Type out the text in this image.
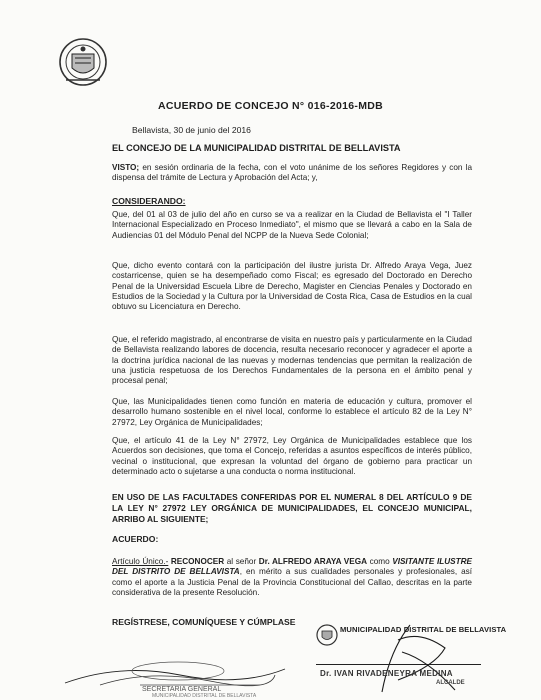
ACUERDO DE CONCEJO N° 016-2016-MDB
Bellavista, 30 de junio del 2016
EL CONCEJO DE LA MUNICIPALIDAD DISTRITAL DE BELLAVISTA

VISTO; en sesión ordinaria de la fecha, con el voto unánime de los señores Regidores y con la dispensa del trámite de Lectura y Aprobación del Acta; y,

CONSIDERANDO:

Que, del 01 al 03 de julio del año en curso se va a realizar en la Ciudad de Bellavista el "I Taller Internacional Especializado en Proceso Inmediato", el mismo que se llevará a cabo en la Sala de Audiencias 01 del Módulo Penal del NCPP de la Nueva Sede Colonial;

Que, dicho evento contará con la participación del ilustre jurista Dr. Alfredo Araya Vega, Juez costarricense, quien se ha desempeñado como Fiscal; es egresado del Doctorado en Derecho Penal de la Universidad Escuela Libre de Derecho, Magister en Ciencias Penales y Doctorado en Estudios de la Sociedad y la Cultura por la Universidad de Costa Rica, Casa de Estudios en la cual obtuvo su Licenciatura en Derecho.

Que, el referido magistrado, al encontrarse de visita en nuestro país y particularmente en la Ciudad de Bellavista realizando labores de docencia, resulta necesario reconocer y agradecer el aporte a la doctrina jurídica nacional de las nuevas y modernas tendencias que permitan la realización de una justicia respetuosa de los Derechos Fundamentales de la persona en el ámbito penal y procesal penal;

Que, las Municipalidades tienen como función en materia de educación y cultura, promover el desarrollo humano sostenible en el nivel local, conforme lo establece el artículo 82 de la Ley N° 27972, Ley Orgánica de Municipalidades;

Que, el artículo 41 de la Ley N° 27972, Ley Orgánica de Municipalidades establece que los Acuerdos son decisiones, que toma el Concejo, referidas a asuntos específicos de interés público, vecinal o institucional, que expresan la voluntad del órgano de gobierno para practicar un determinado acto o sujetarse a una conducta o norma institucional.

EN USO DE LAS FACULTADES CONFERIDAS POR EL NUMERAL 8 DEL ARTÍCULO 9 DE LA LEY N° 27972 LEY ORGÁNICA DE MUNICIPALIDADES, EL CONCEJO MUNICIPAL, ARRIBO AL SIGUIENTE;

ACUERDO:

Artículo Único.- RECONOCER al señor Dr. ALFREDO ARAYA VEGA como VISITANTE ILUSTRE DEL DISTRITO DE BELLAVISTA, en mérito a sus cualidades personales y profesionales, así como el aporte a la Justicia Penal de la Provincia Constitucional del Callao, descritas en la parte considerativa de la presente Resolución.

REGÍSTRESE, COMUNÍQUESE Y CÚMPLASE
SECRETARIA GENERAL
MUNICIPALIDAD DISTRITAL DE BELLAVISTA
MUNICIPALIDAD DISTRITAL DE BELLAVISTA
Dr. IVAN RIVADENEYRA MEDINA
ALCALDE
